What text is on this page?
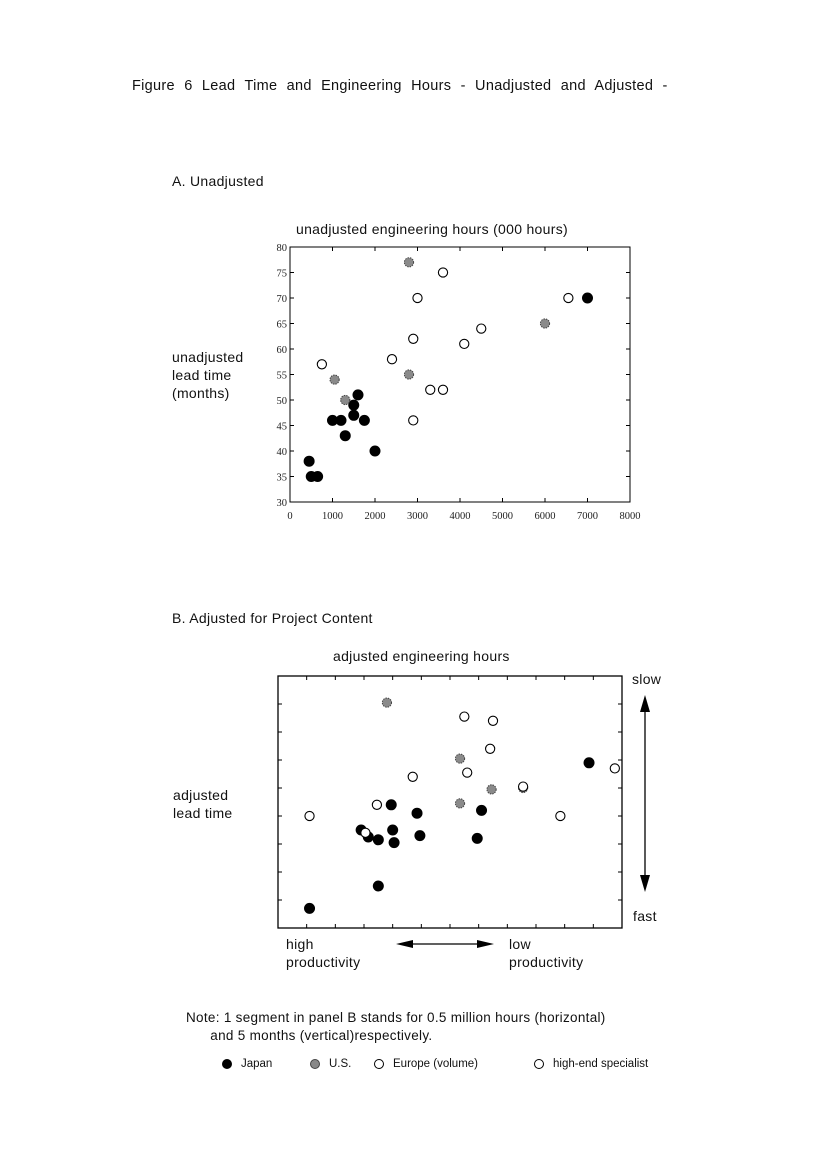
Figure 6 Lead Time and Engineering Hours - Unadjusted and Adjusted -
A. Unadjusted
unadjusted engineering hours (000 hours)
unadjusted lead time (months)
B. Adjusted for Project Content
adjusted engineering hours
adjusted lead time
slow
fast
high productivity
low productivity
0	1000 2000 3000 4000 5000 6000 7000 8000
30
35
40
45
50
55
60
65
70
75
80
Note: 1 segment in panel B stands for 0.5 million hours (horizontal)
and 5 months (vertical)respectively.
Japan	U.S.	Europe (volume)	high-end specialist
